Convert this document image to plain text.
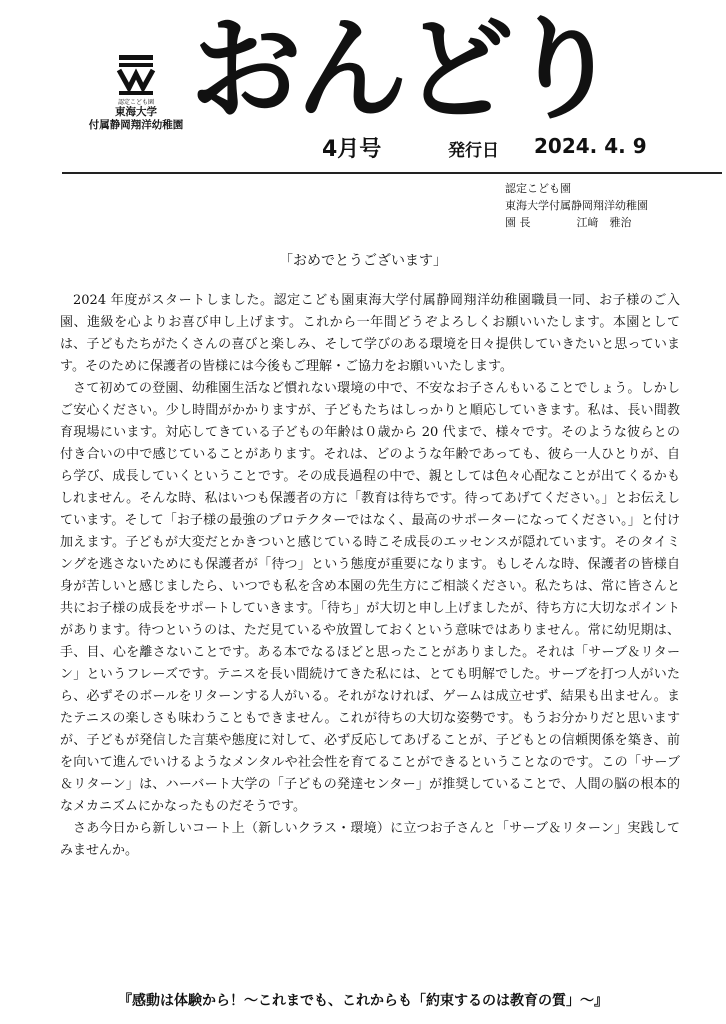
認定こども園
東海大学
付属静岡翔洋幼稚園 おんどり
4月号	発行日 2024. 4. 9
認定こども園
東海大学付属静岡翔洋幼稚園
園 長	江﨑　雅治
「おめでとうございます」

2024 年度がスタートしました。認定こども園東海大学付属静岡翔洋幼稚園職員一同、お子様のご入園、進級を心よりお喜び申し上げます。これから一年間どうぞよろしくお願いいたします。本園としては、子どもたちがたくさんの喜びと楽しみ、そして学びのある環境を日々提供していきたいと思っています。そのために保護者の皆様には今後もご理解・ご協力をお願いいたします。

さて初めての登園、幼稚園生活など慣れない環境の中で、不安なお子さんもいることでしょう。しかしご安心ください。少し時間がかかりますが、子どもたちはしっかりと順応していきます。私は、長い間教育現場にいます。対応してきている子どもの年齢は０歳から 20 代まで、様々です。そのような彼らとの付き合いの中で感じていることがあります。それは、どのような年齢であっても、彼ら一人ひとりが、自ら学び、成長していくということです。その成長過程の中で、親としては色々心配なことが出てくるかもしれません。そんな時、私はいつも保護者の方に「教育は待ちです。待ってあげてください。」とお伝えしています。そして「お子様の最強のプロテクターではなく、最高のサポーターになってください。」と付け加えます。子どもが大変だとかきついと感じている時こそ成長のエッセンスが隠れています。そのタイミングを逃さないためにも保護者が「待つ」という態度が重要になります。もしそんな時、保護者の皆様自身が苦しいと感じましたら、いつでも私を含め本園の先生方にご相談ください。私たちは、常に皆さんと共にお子様の成長をサポートしていきます。「待ち」が大切と申し上げましたが、待ち方に大切なポイントがあります。待つというのは、ただ見ているや放置しておくという意味ではありません。常に幼児期は、手、目、心を離さないことです。ある本でなるほどと思ったことがありました。それは「サーブ＆リターン」というフレーズです。テニスを長い間続けてきた私には、とても明解でした。サーブを打つ人がいたら、必ずそのボールをリターンする人がいる。それがなければ、ゲームは成立せず、結果も出ません。またテニスの楽しさも味わうこともできません。これが待ちの大切な姿勢です。もうお分かりだと思いますが、子どもが発信した言葉や態度に対して、必ず反応してあげることが、子どもとの信頼関係を築き、前を向いて進んでいけるようなメンタルや社会性を育てることができるということなのです。この「サーブ＆リターン」は、ハーバート大学の「子どもの発達センター」が推奨していることで、人間の脳の根本的なメカニズムにかなったものだそうです。

さあ今日から新しいコート上（新しいクラス・環境）に立つお子さんと「サーブ＆リターン」実践してみませんか。

『感動は体験から！～これまでも、これからも「約束するのは教育の質」～』
